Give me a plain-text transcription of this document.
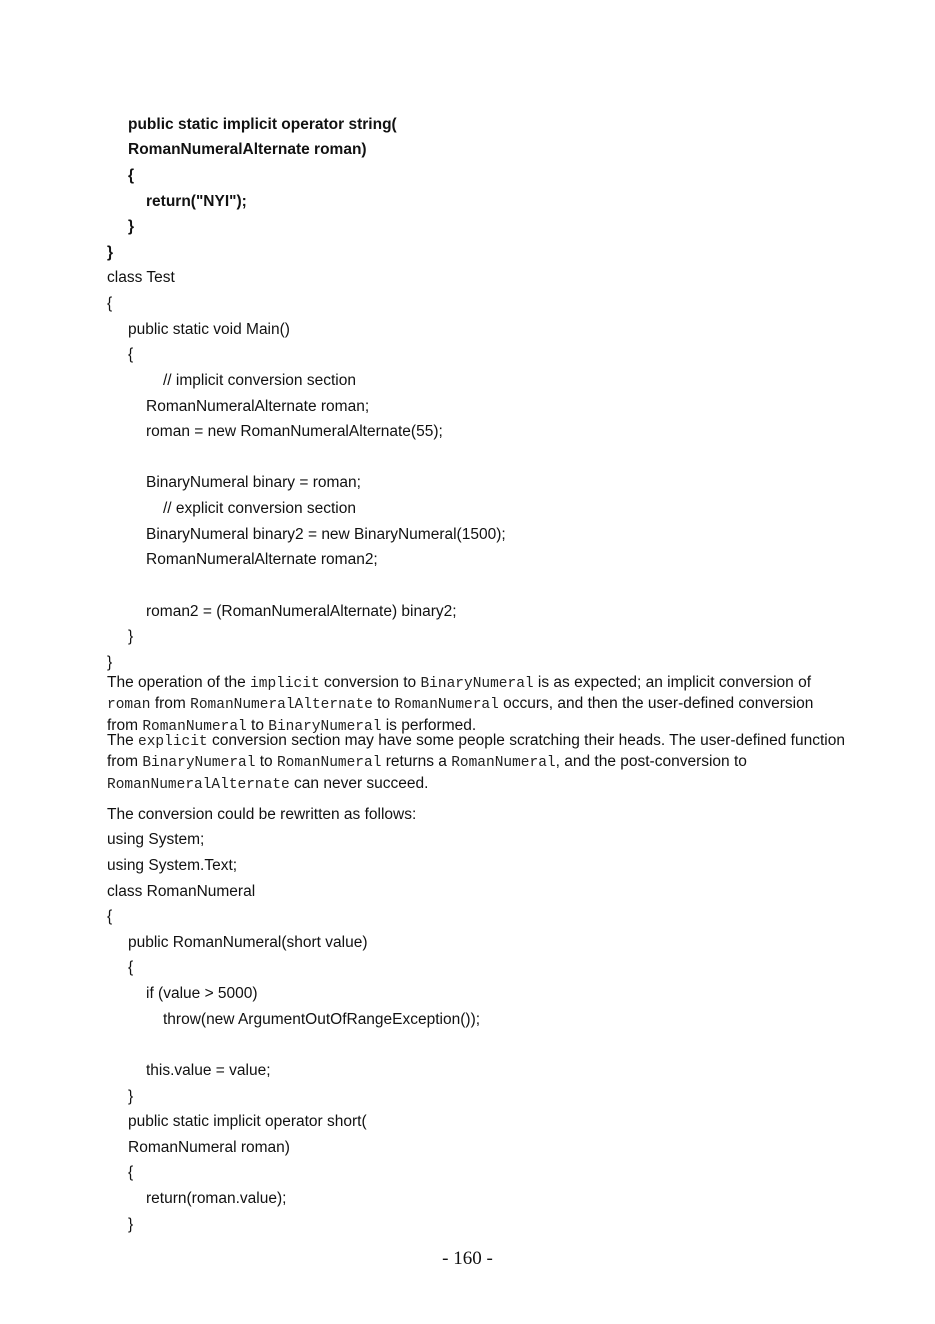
public static implicit operator string(
RomanNumeralAlternate roman)
{
return("NYI");
}
}
class Test
{
public static void Main()
{
// implicit conversion section
RomanNumeralAlternate roman;
roman = new RomanNumeralAlternate(55);
BinaryNumeral binary = roman;
// explicit conversion section
BinaryNumeral binary2 = new BinaryNumeral(1500);
RomanNumeralAlternate roman2;
roman2 = (RomanNumeralAlternate) binary2;
}
}
The operation of the implicit conversion to BinaryNumeral is as expected; an implicit conversion of roman from RomanNumeralAlternate to RomanNumeral occurs, and then the user-defined conversion from RomanNumeral to BinaryNumeral is performed.
The explicit conversion section may have some people scratching their heads. The user-defined function from BinaryNumeral to RomanNumeral returns a RomanNumeral, and the post-conversion to RomanNumeralAlternate can never succeed.
The conversion could be rewritten as follows:
using System;
using System.Text;
class RomanNumeral
{
public RomanNumeral(short value)
{
if (value > 5000)
throw(new ArgumentOutOfRangeException());
this.value = value;
}
public static implicit operator short(
RomanNumeral roman)
{
return(roman.value);
}
- 160 -
